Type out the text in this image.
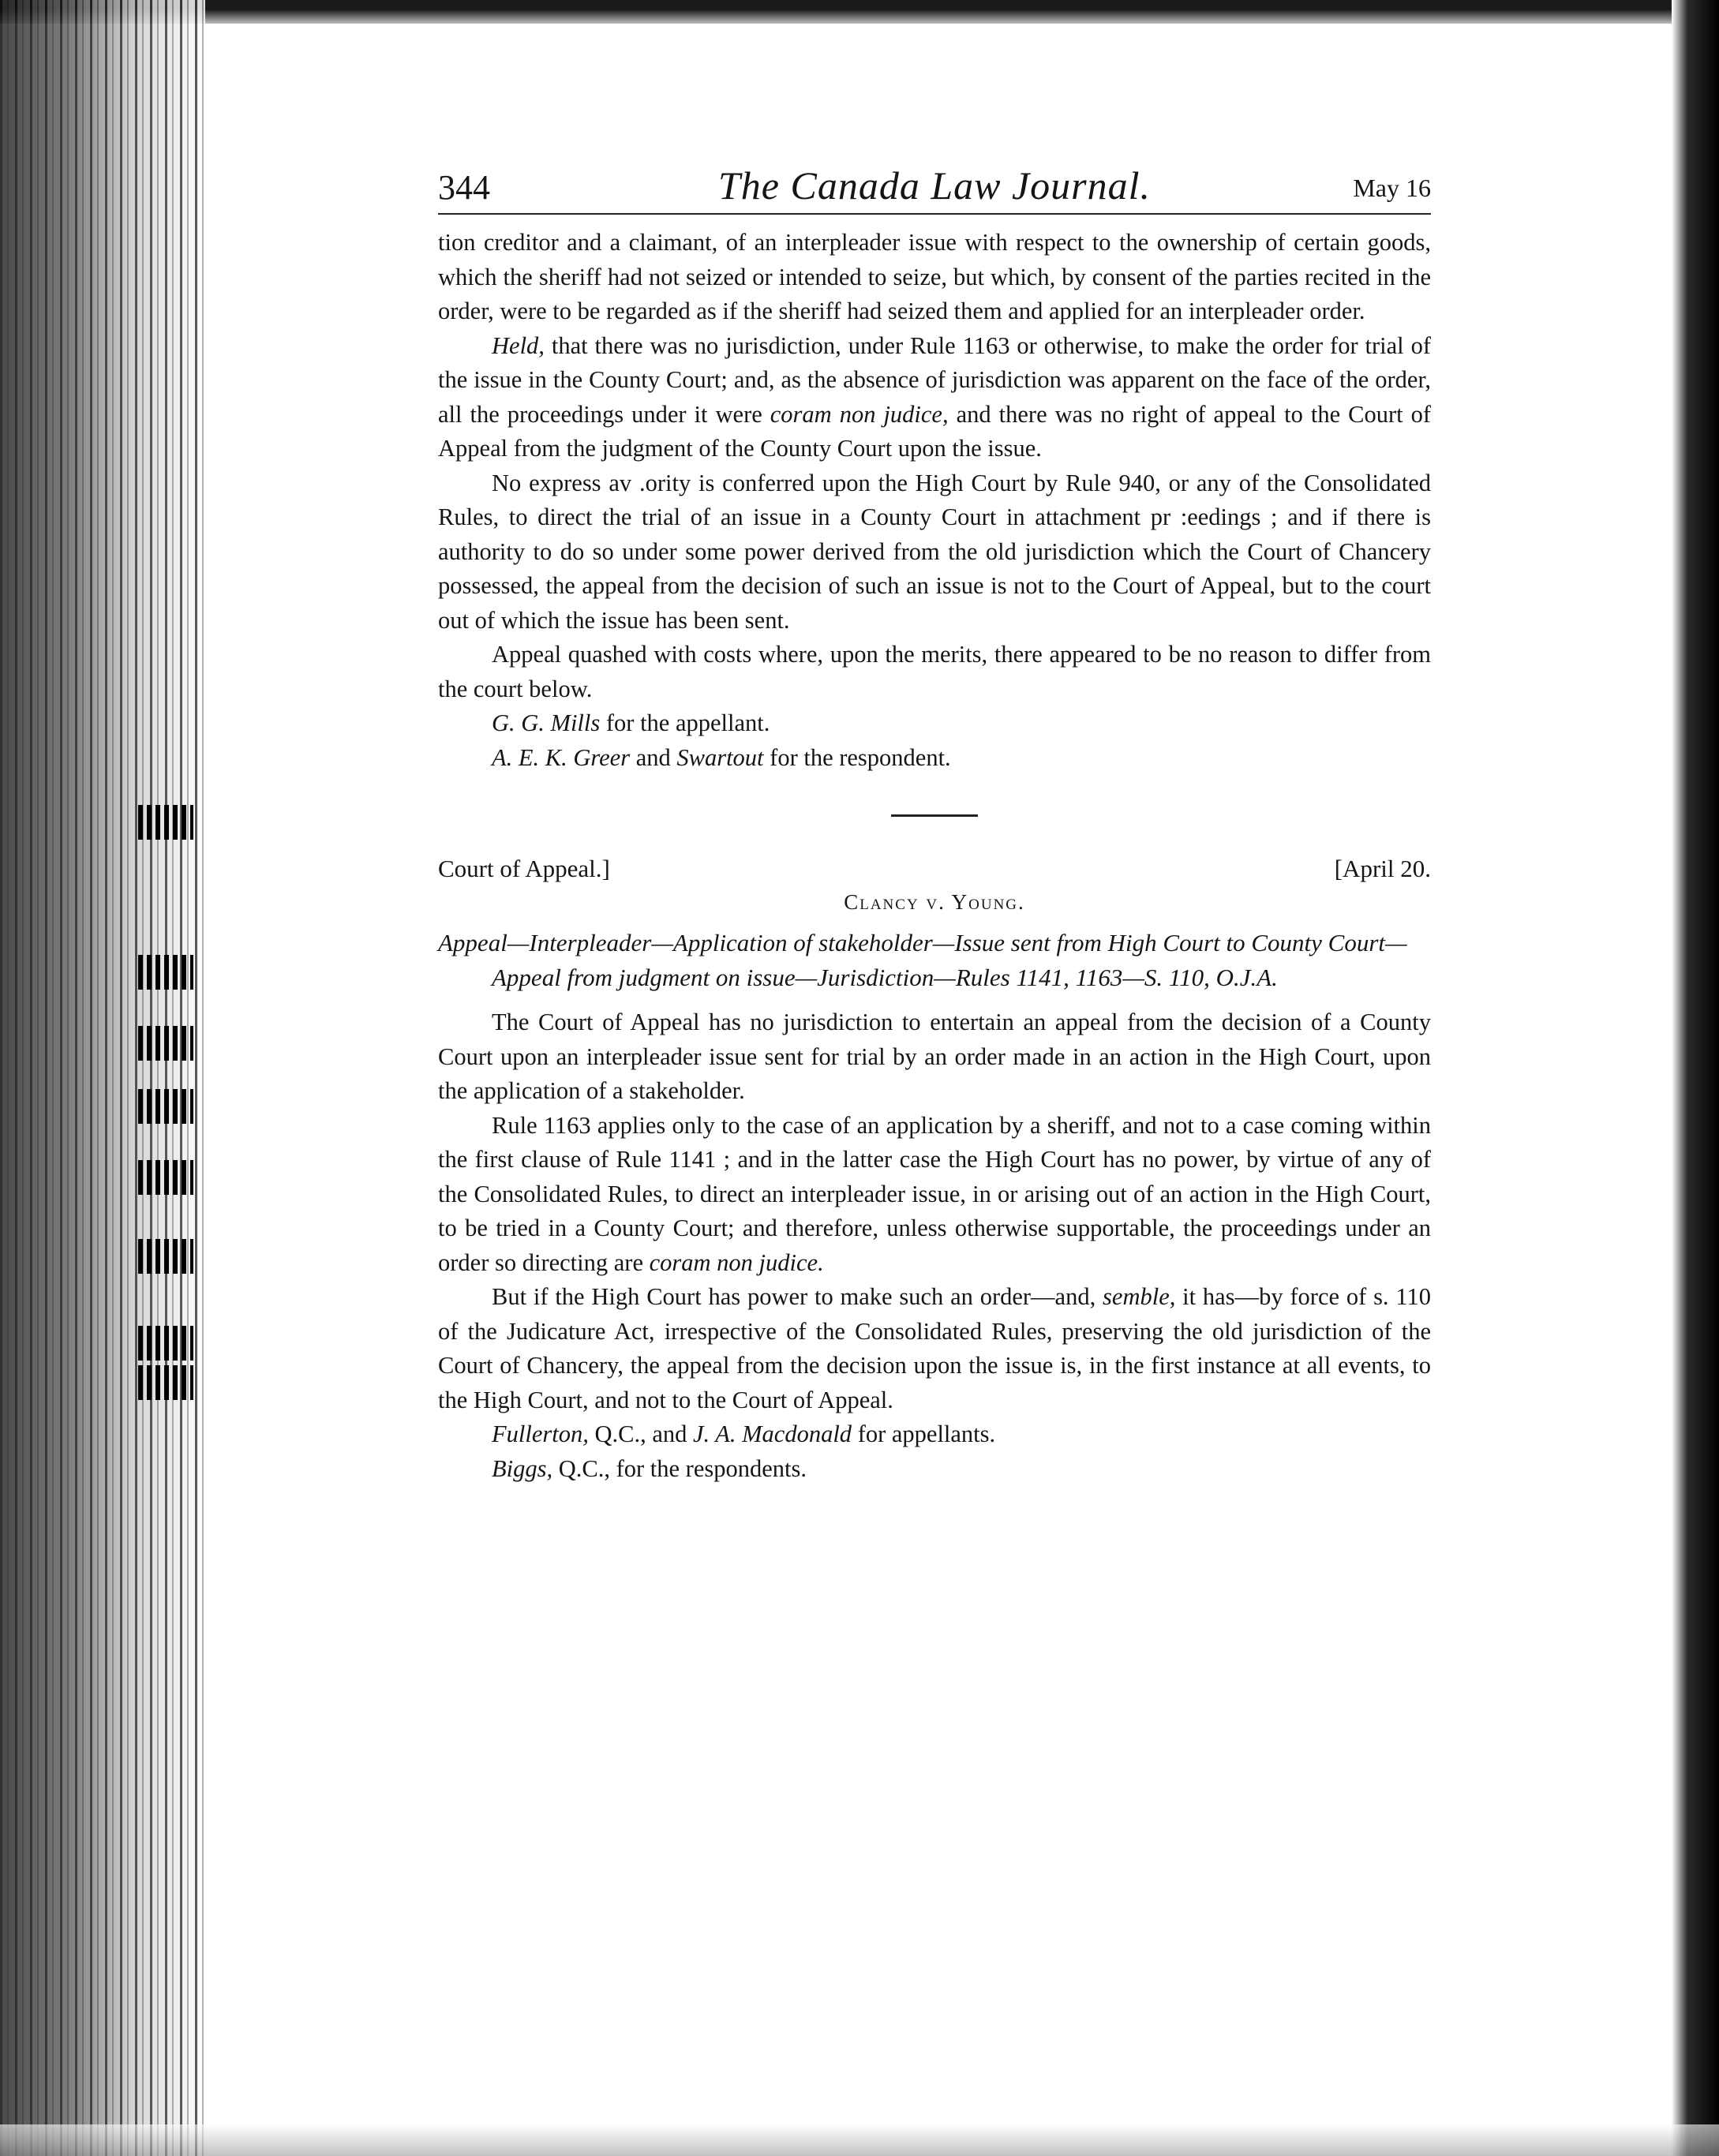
344	The Canada Law Journal.	May 16

tion creditor and a claimant, of an interpleader issue with respect to the ownership of certain goods, which the sheriff had not seized or intended to seize, but which, by consent of the parties recited in the order, were to be regarded as if the sheriff had seized them and applied for an interpleader order.

Held, that there was no jurisdiction, under Rule 1163 or otherwise, to make the order for trial of the issue in the County Court; and, as the absence of jurisdiction was apparent on the face of the order, all the proceedings under it were coram non judice, and there was no right of appeal to the Court of Appeal from the judgment of the County Court upon the issue.

No express av .ority is conferred upon the High Court by Rule 940, or any of the Consolidated Rules, to direct the trial of an issue in a County Court in attachment pr :eedings ; and if there is authority to do so under some power derived from the old jurisdiction which the Court of Chancery possessed, the appeal from the decision of such an issue is not to the Court of Appeal, but to the court out of which the issue has been sent.

Appeal quashed with costs where, upon the merits, there appeared to be no reason to differ from the court below.

G. G. Mills for the appellant.

A. E. K. Greer and Swartout for the respondent.

Court of Appeal.]	[April 20.
Clancy v. Young.
Appeal—Interpleader—Application of stakeholder—Issue sent from High Court to County Court—Appeal from judgment on issue—Jurisdiction—Rules 1141, 1163—S. 110, O.J.A.

The Court of Appeal has no jurisdiction to entertain an appeal from the decision of a County Court upon an interpleader issue sent for trial by an order made in an action in the High Court, upon the application of a stakeholder.

Rule 1163 applies only to the case of an application by a sheriff, and not to a case coming within the first clause of Rule 1141 ; and in the latter case the High Court has no power, by virtue of any of the Consolidated Rules, to direct an interpleader issue, in or arising out of an action in the High Court, to be tried in a County Court; and therefore, unless otherwise supportable, the proceedings under an order so directing are coram non judice.

But if the High Court has power to make such an order—and, semble, it has—by force of s. 110 of the Judicature Act, irrespective of the Consolidated Rules, preserving the old jurisdiction of the Court of Chancery, the appeal from the decision upon the issue is, in the first instance at all events, to the High Court, and not to the Court of Appeal.

Fullerton, Q.C., and J. A. Macdonald for appellants.

Biggs, Q.C., for the respondents.
